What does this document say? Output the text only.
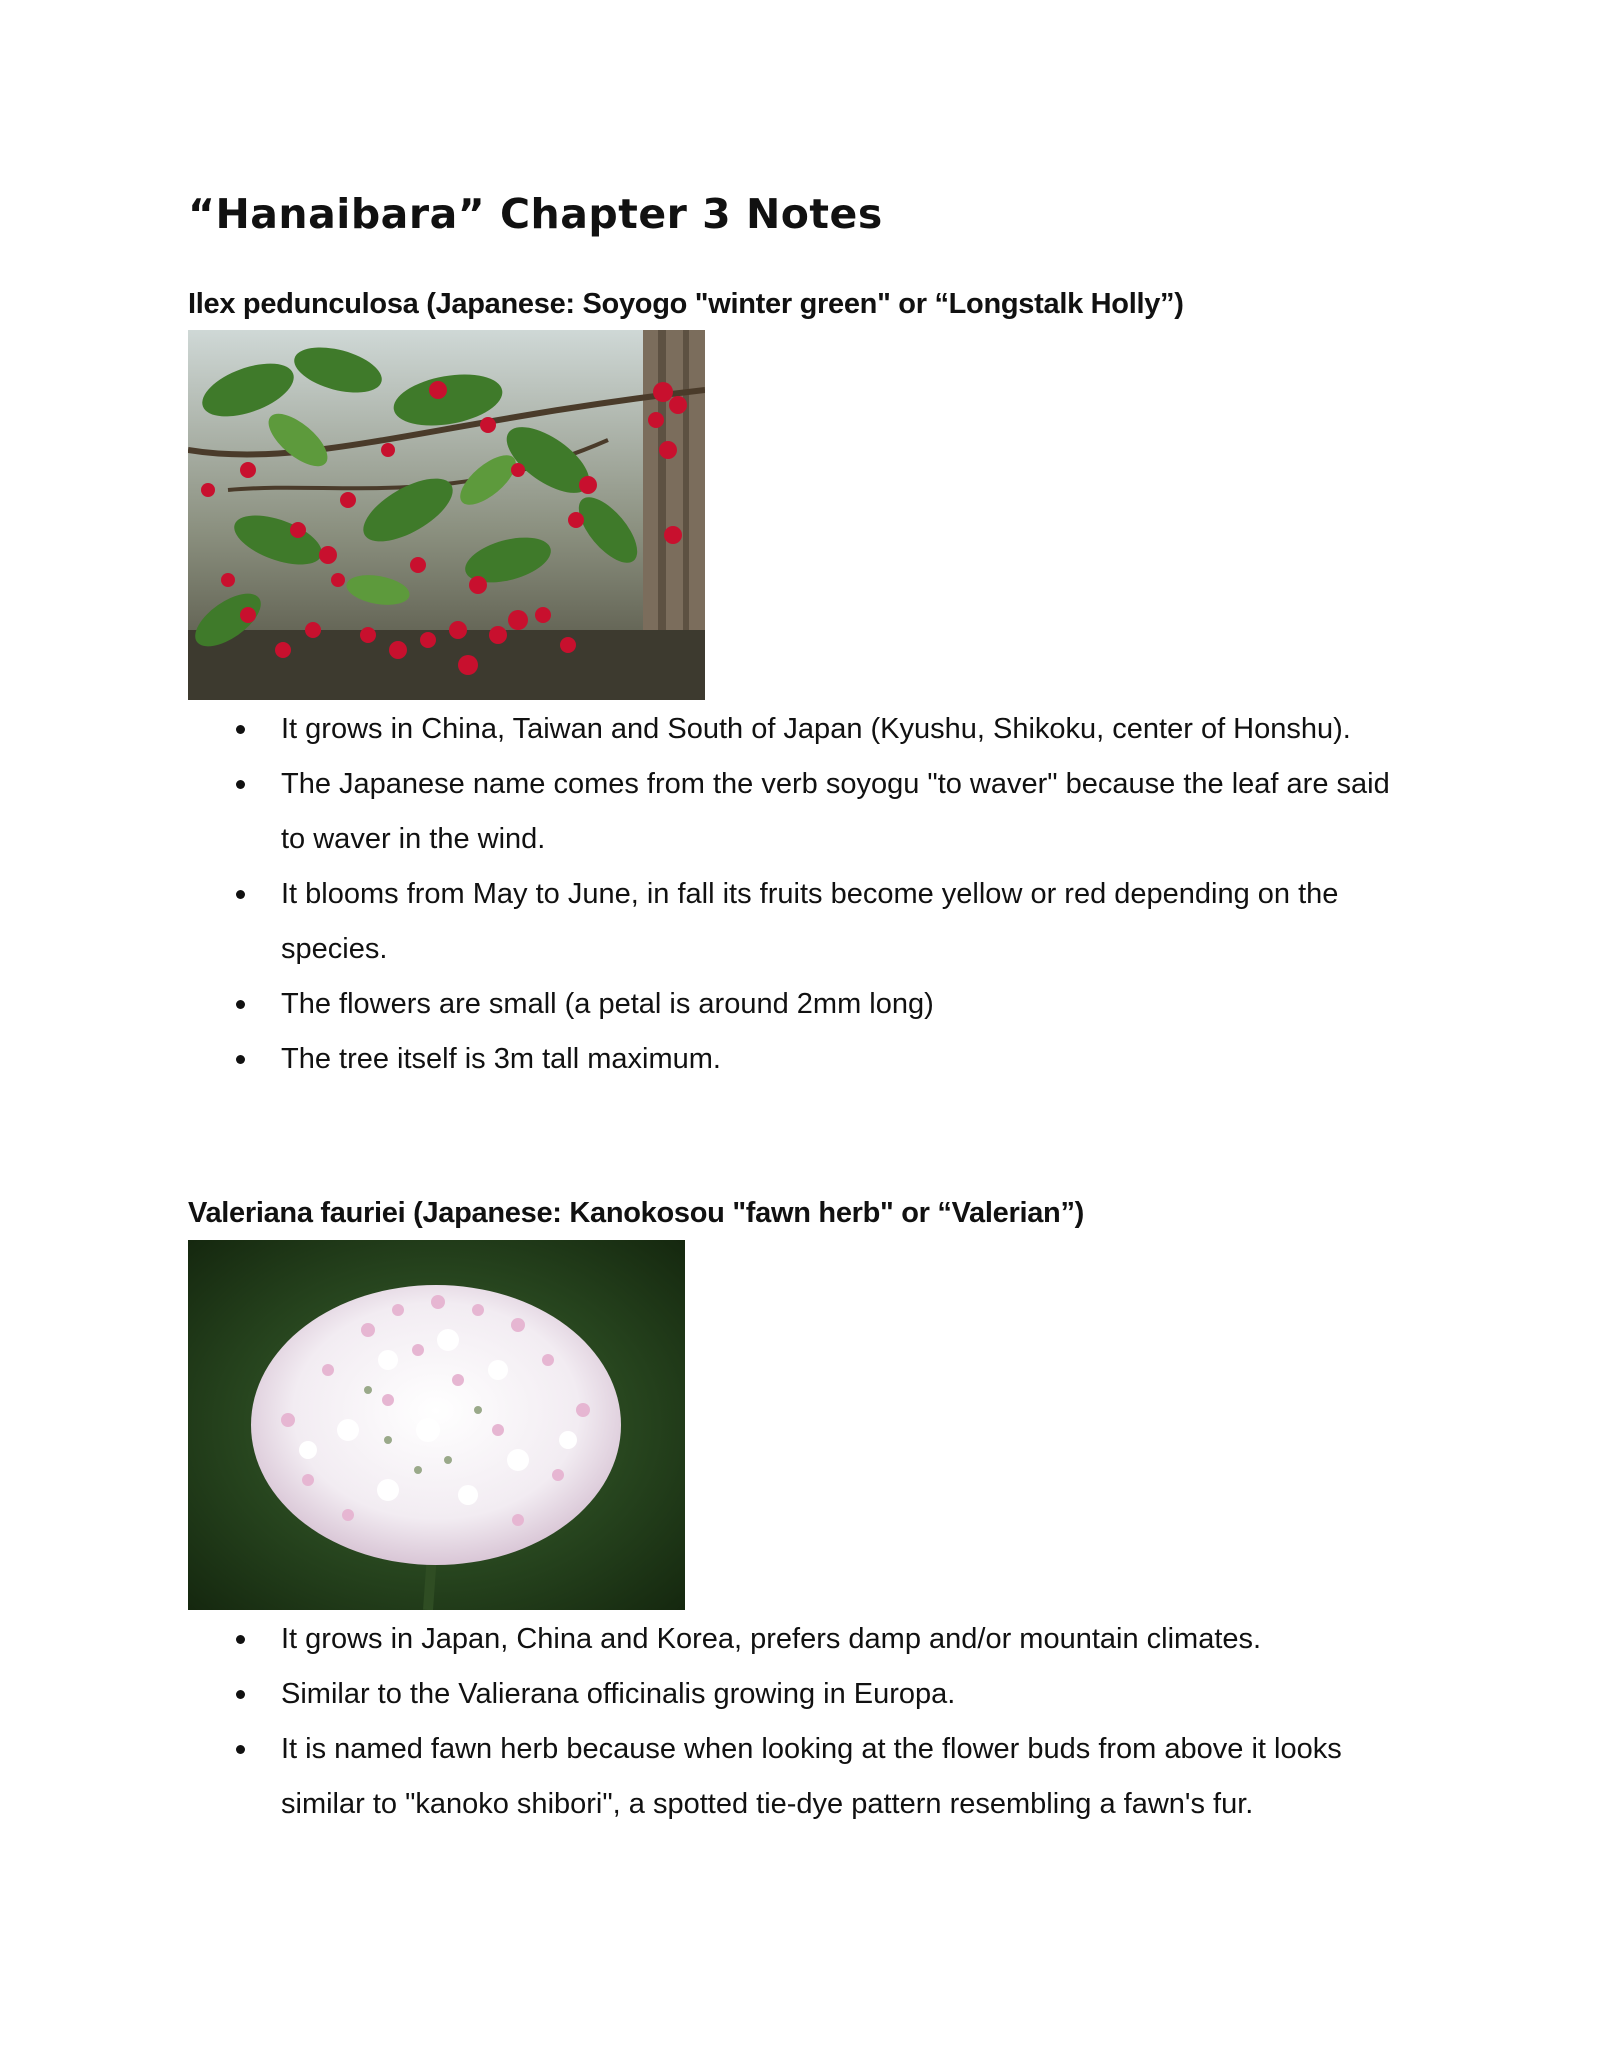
“Hanaibara” Chapter 3 Notes
Ilex pedunculosa (Japanese: Soyogo "winter green" or “Longstalk Holly”)
It grows in China, Taiwan and South of Japan (Kyushu, Shikoku, center of Honshu).
The Japanese name comes from the verb soyogu "to waver" because the leaf are said to waver in the wind.
It blooms from May to June, in fall its fruits become yellow or red depending on the species.
The flowers are small (a petal is around 2mm long)
The tree itself is 3m tall maximum.
Valeriana fauriei (Japanese: Kanokosou "fawn herb" or “Valerian”)
It grows in Japan, China and Korea, prefers damp and/or mountain climates.
Similar to the Valierana officinalis growing in Europa.
It is named fawn herb because when looking at the flower buds from above it looks similar to "kanoko shibori", a spotted tie-dye pattern resembling a fawn's fur.
